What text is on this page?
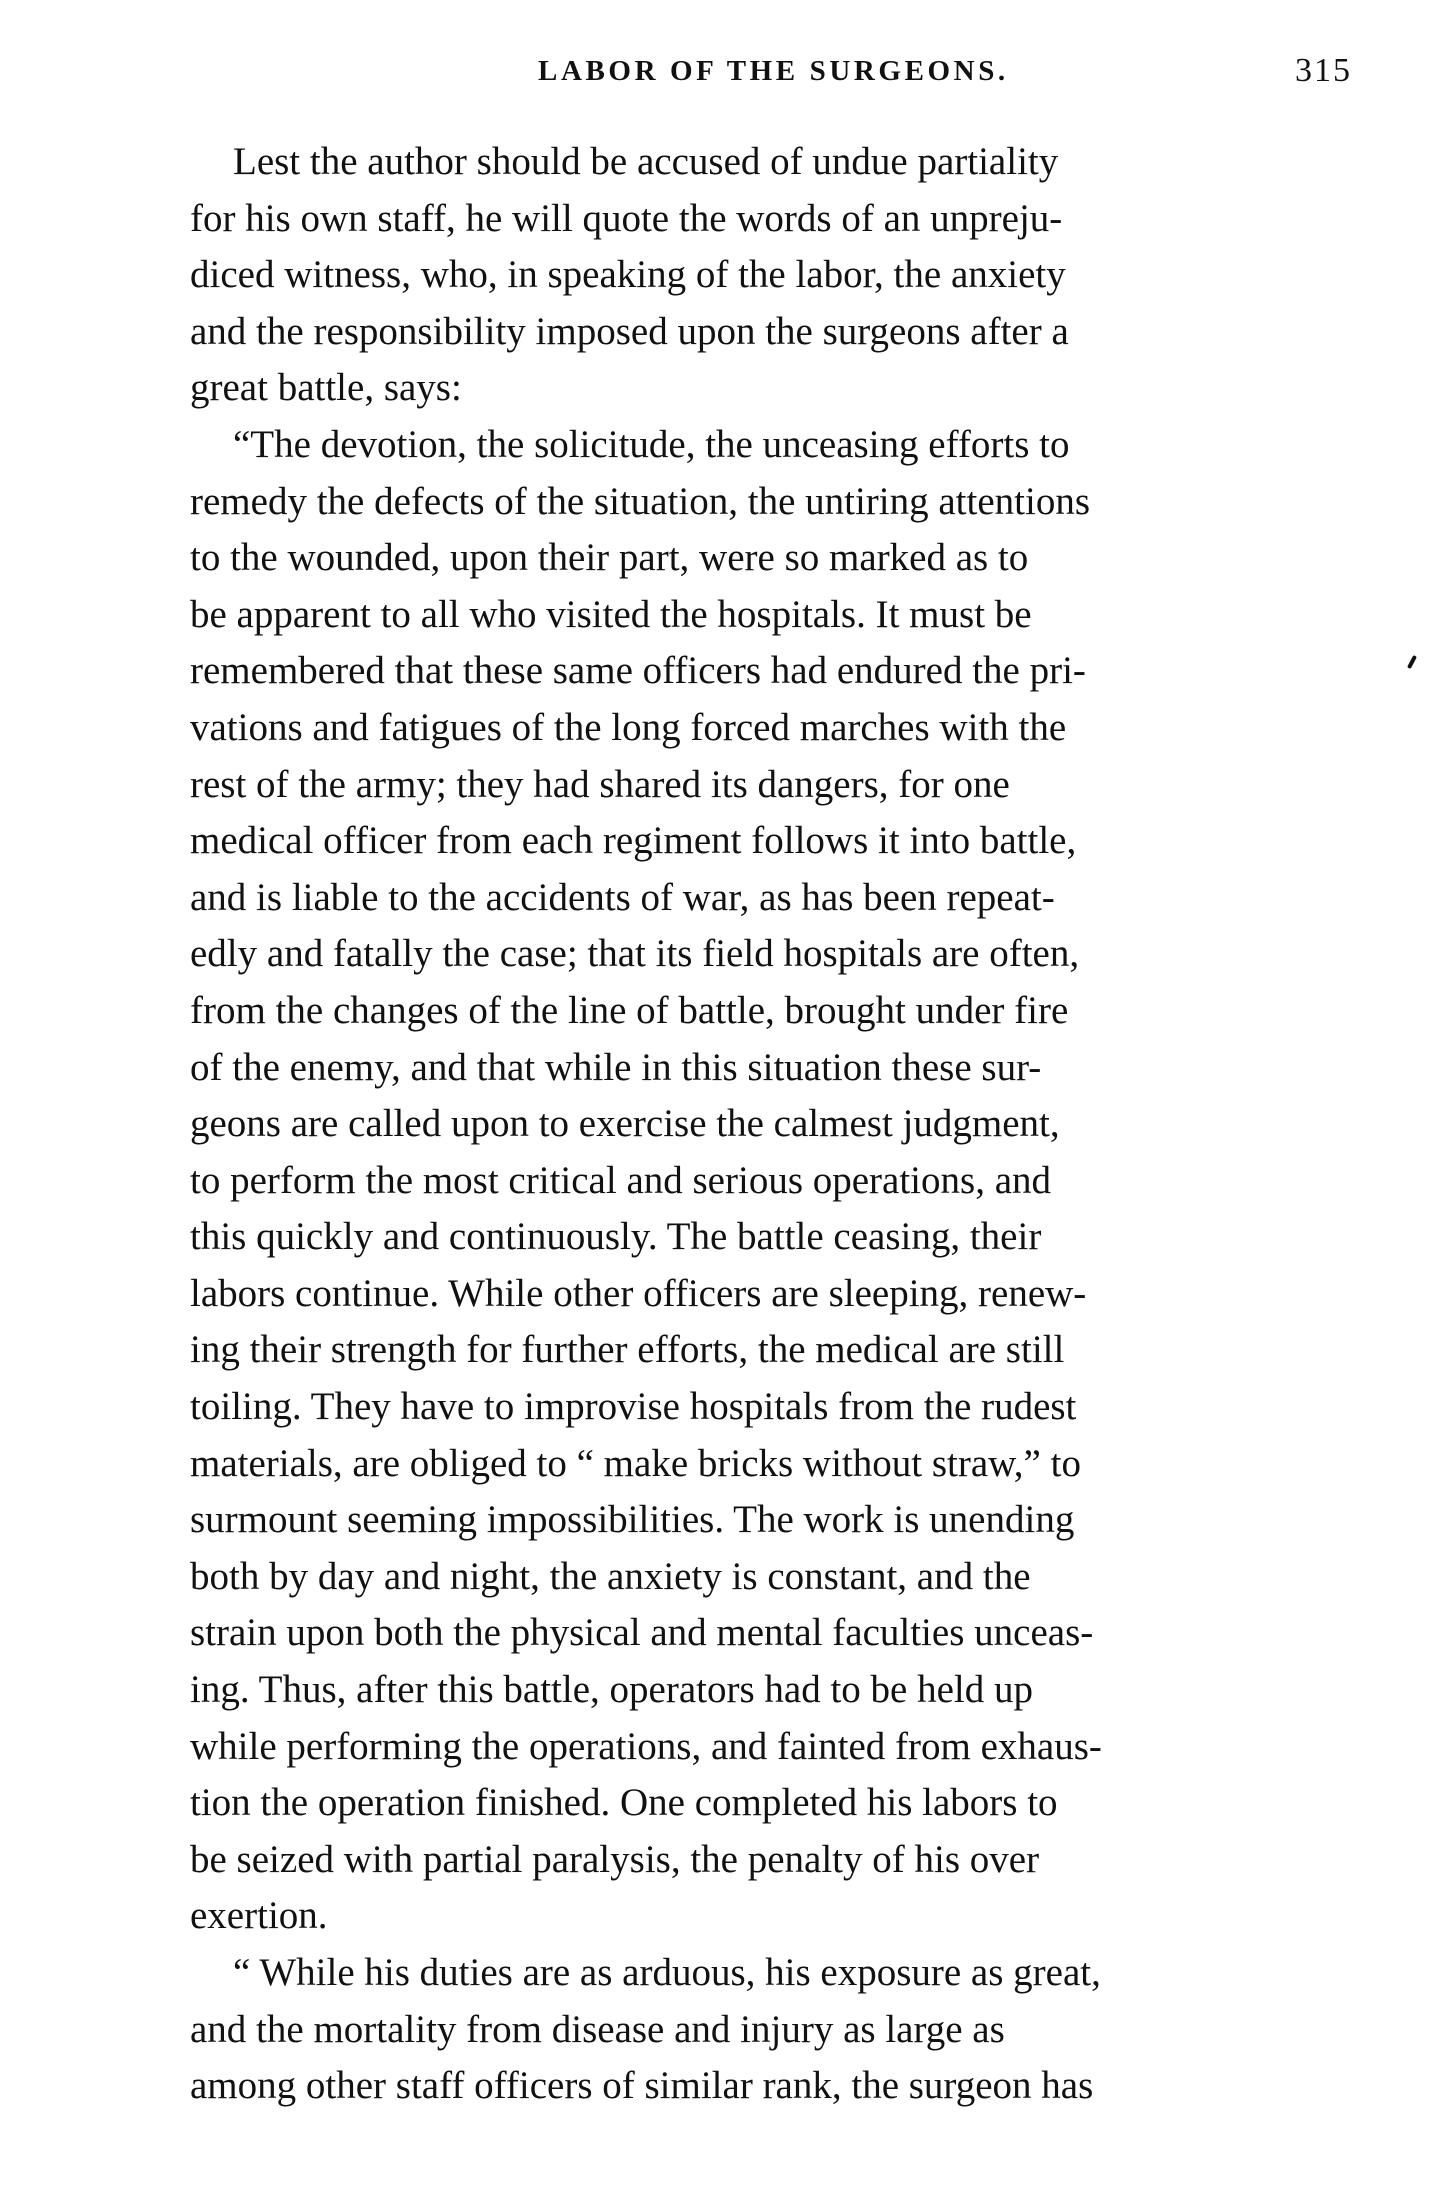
LABOR OF THE SURGEONS.	315
Lest the author should be accused of undue partiality
for his own staff, he will quote the words of an unpreju-
diced witness, who, in speaking of the labor, the anxiety
and the responsibility imposed upon the surgeons after a
great battle, says:
“The devotion, the solicitude, the unceasing efforts to
remedy the defects of the situation, the untiring attentions
to the wounded, upon their part, were so marked as to
be apparent to all who visited the hospitals. It must be
remembered that these same officers had endured the pri-
vations and fatigues of the long forced marches with the
rest of the army; they had shared its dangers, for one
medical officer from each regiment follows it into battle,
and is liable to the accidents of war, as has been repeat-
edly and fatally the case; that its field hospitals are often,
from the changes of the line of battle, brought under fire
of the enemy, and that while in this situation these sur-
geons are called upon to exercise the calmest judgment,
to perform the most critical and serious operations, and
this quickly and continuously. The battle ceasing, their
labors continue. While other officers are sleeping, renew-
ing their strength for further efforts, the medical are still
toiling. They have to improvise hospitals from the rudest
materials, are obliged to “ make bricks without straw,” to
surmount seeming impossibilities. The work is unending
both by day and night, the anxiety is constant, and the
strain upon both the physical and mental faculties unceas-
ing. Thus, after this battle, operators had to be held up
while performing the operations, and fainted from exhaus-
tion the operation finished. One completed his labors to
be seized with partial paralysis, the penalty of his over
exertion.
“ While his duties are as arduous, his exposure as great,
and the mortality from disease and injury as large as
among other staff officers of similar rank, the surgeon has
